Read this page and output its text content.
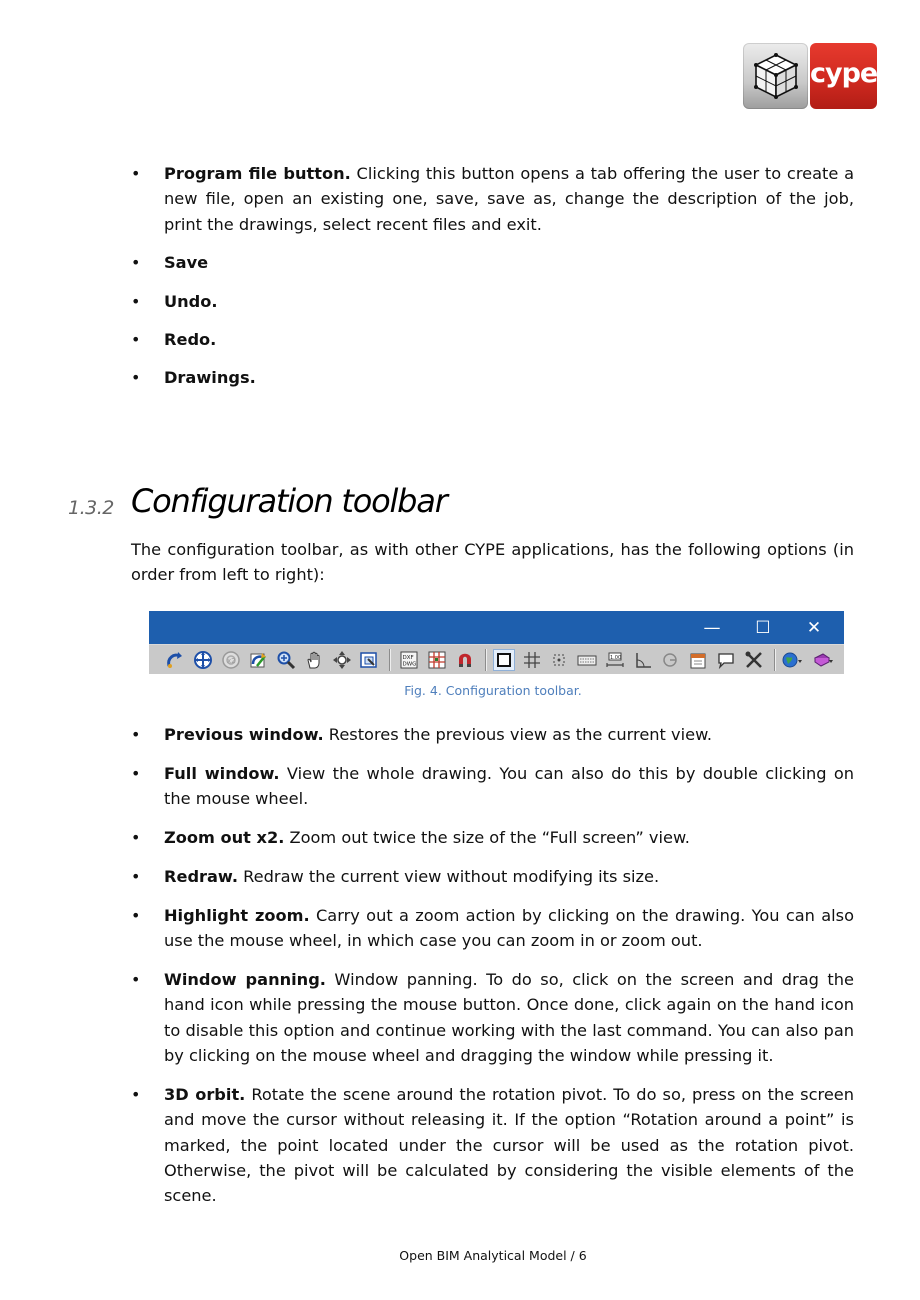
cype
• Program file button. Clicking this button opens a tab offering the user to create a new file, open an existing one, save, save as, change the description of the job, print the drawings, select recent files and exit.
• Save
• Undo.
• Redo.
• Drawings.
1.3.2 Configuration toolbar

The configuration toolbar, as with other CYPE applications, has the following options (in order from left to right):

—	☐	✕
x2	DXF
DWG
1.00

Fig. 4. Configuration toolbar.

• Previous window. Restores the previous view as the current view.
• Full window. View the whole drawing. You can also do this by double clicking on the mouse wheel.
• Zoom out x2. Zoom out twice the size of the “Full screen” view.
• Redraw. Redraw the current view without modifying its size.
• Highlight zoom. Carry out a zoom action by clicking on the drawing. You can also use the mouse wheel, in which case you can zoom in or zoom out.
• Window panning. Window panning. To do so, click on the screen and drag the hand icon while pressing the mouse button. Once done, click again on the hand icon to disable this option and continue working with the last command. You can also pan by clicking on the mouse wheel and dragging the window while pressing it.
• 3D orbit. Rotate the scene around the rotation pivot. To do so, press on the screen and move the cursor without releasing it. If the option “Rotation around a point” is marked, the point located under the cursor will be used as the rotation pivot. Otherwise, the pivot will be calculated by considering the visible elements of the scene.

Open BIM Analytical Model / 6
